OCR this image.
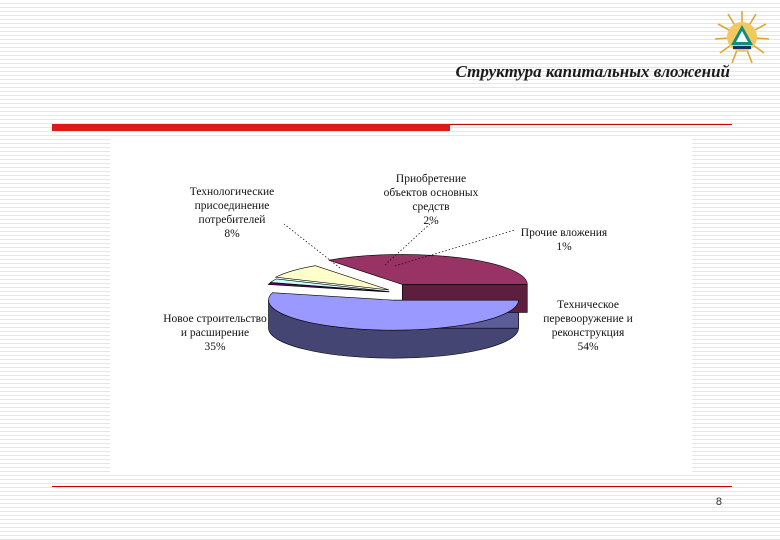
Структура капитальных вложений
Техническое
перевооружение и
реконструкция
54%
Прочие вложения
1%
Приобретение
объектов основных
средств
2%
Технологические
присоединение
потребителей
8%
Новое строительство
и расширение
35%
8
